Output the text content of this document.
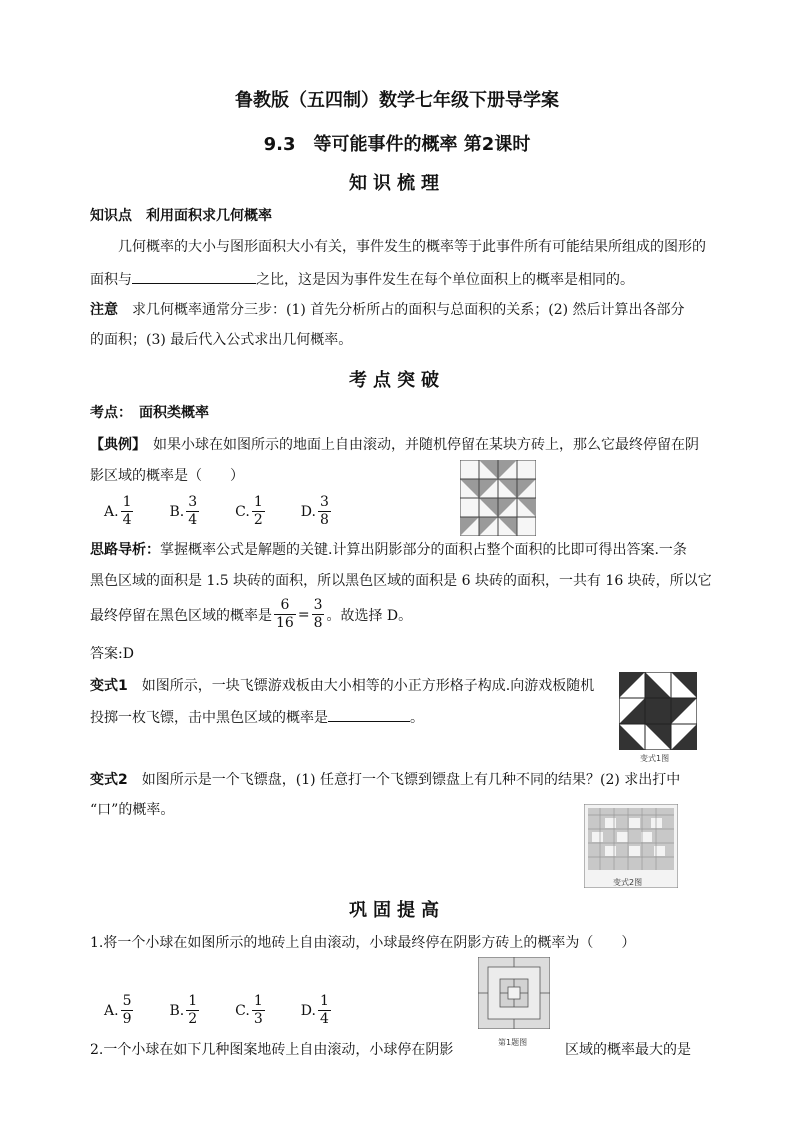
鲁教版（五四制）数学七年级下册导学案
9.3　等可能事件的概率 第2课时
知识梳理
知识点　利用面积求几何概率
几何概率的大小与图形面积大小有关，事件发生的概率等于此事件所有可能结果所组成的图形的
面积与	之比，这是因为事件发生在每个单位面积上的概率是相同的。
注意　 求几何概率通常分三步：(1) 首先分析所占的面积与总面积的关系；(2) 然后计算出各部分
的面积；(3) 最后代入公式求出几何概率。
考点突破
考点：　面积类概率
【典例】　 如果小球在如图所示的地面上自由滚动，并随机停留在某块方砖上，那么它最终停留在阴
影区域的概率是（　　）
A. $\frac{1}{4}$	B. $\frac{3}{4}$	C. $\frac{1}{2}$	D. $\frac{3}{8}$
思路导析：掌握概率公式是解题的关键.计算出阴影部分的面积占整个面积的比即可得出答案.一条
黑色区域的面积是 1.5 块砖的面积，所以黑色区域的面积是 6 块砖的面积，一共有 16 块砖，所以它
最终停留在黑色区域的概率是 $\frac{6}{16} = \frac{3}{8}$ 。故选择 D。
答案:D
变式1　 如图所示，一块飞镖游戏板由大小相等的小正方形格子构成.向游戏板随机
投掷一枚飞镖，击中黑色区域的概率是	。
变式1图
变式2　 如图所示是一个飞镖盘，(1) 任意打一个飞镖到镖盘上有几种不同的结果？(2) 求出打中
“口”的概率。
变式2图
巩固提高
1.将一个小球在如图所示的地砖上自由滚动，小球最终停在阴影方砖上的概率为（　　）
A. $\frac{5}{9}$	B. $\frac{1}{2}$	C. $\frac{1}{3}$	D. $\frac{1}{4}$
第1题图
2.一个小球在如下几种图案地砖上自由滚动，小球停在阴影	区域的概率最大的是
